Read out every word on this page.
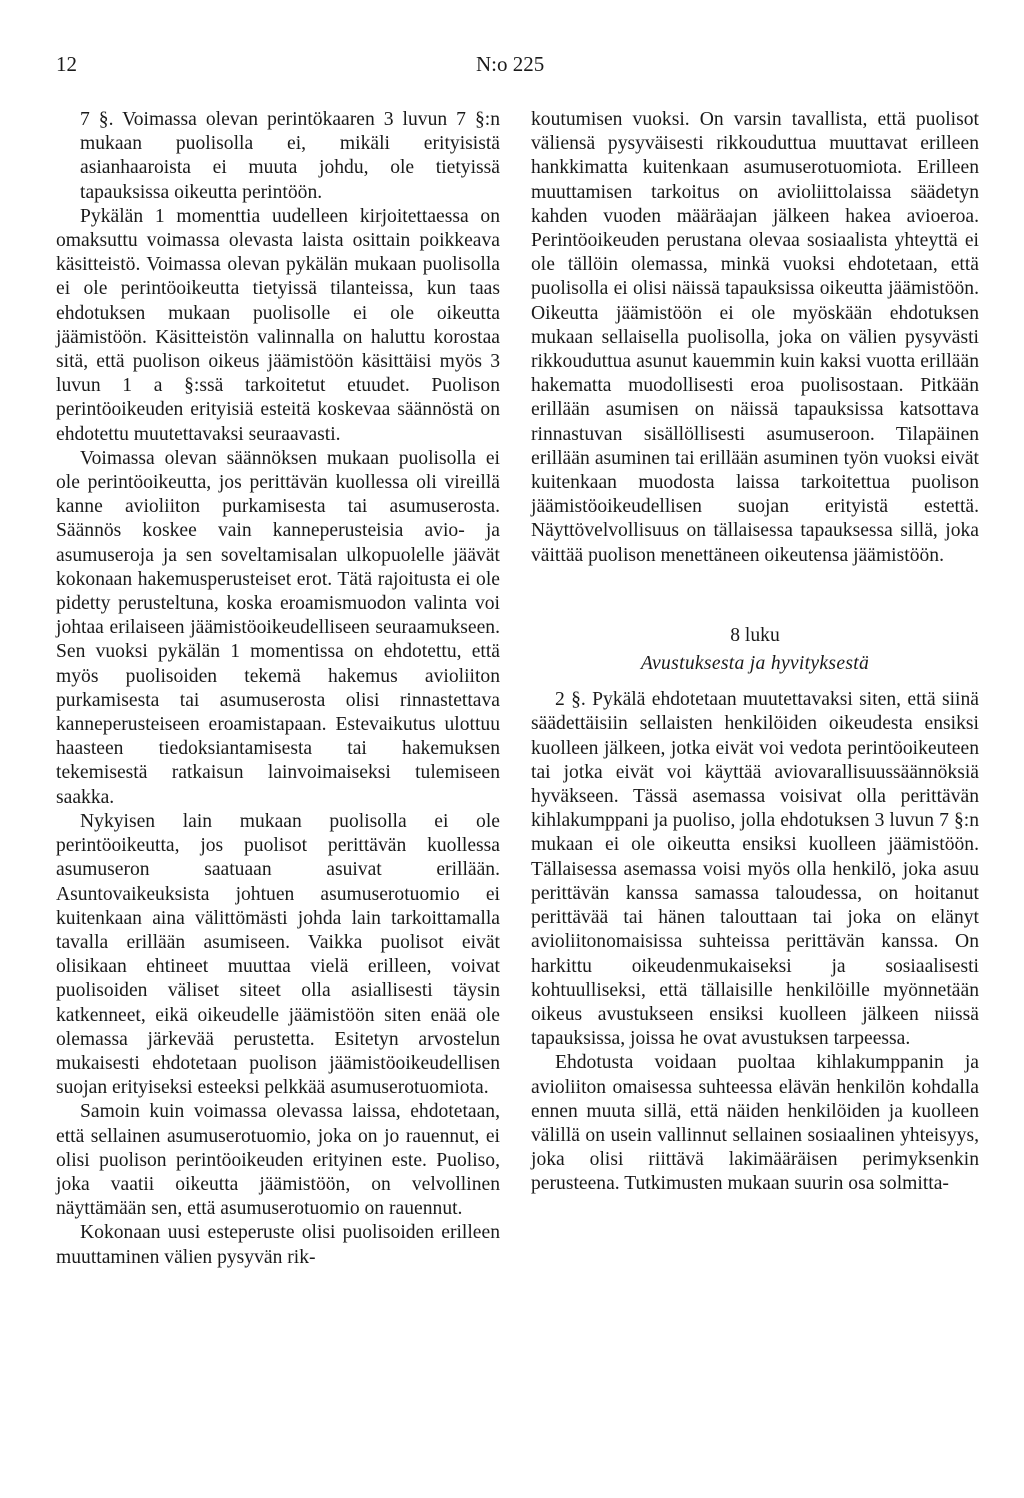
12	N:o 225

7 §. Voimassa olevan perintökaaren 3 luvun 7 §:n mukaan puolisolla ei, mikäli erityisistä asianhaaroista ei muuta johdu, ole tietyissä tapauksissa oikeutta perintöön.

Pykälän 1 momenttia uudelleen kirjoitettaessa on omaksuttu voimassa olevasta laista osittain poikkeava käsitteistö. Voimassa olevan pykälän mukaan puolisolla ei ole perintöoikeutta tietyissä tilanteissa, kun taas ehdotuksen mukaan puolisolle ei ole oikeutta jäämistöön. Käsitteistön valinnalla on haluttu korostaa sitä, että puolison oikeus jäämistöön käsittäisi myös 3 luvun 1 a §:ssä tarkoitetut etuudet. Puolison perintöoikeuden erityisiä esteitä koskevaa säännöstä on ehdotettu muutettavaksi seuraavasti.

Voimassa olevan säännöksen mukaan puolisolla ei ole perintöoikeutta, jos perittävän kuollessa oli vireillä kanne avioliiton purkamisesta tai asumuserosta. Säännös koskee vain kanneperusteisia avio- ja asumuseroja ja sen soveltamisalan ulkopuolelle jäävät kokonaan hakemusperusteiset erot. Tätä rajoitusta ei ole pidetty perusteltuna, koska eroamismuodon valinta voi johtaa erilaiseen jäämistöoikeudelliseen seuraamukseen. Sen vuoksi pykälän 1 momentissa on ehdotettu, että myös puolisoiden tekemä hakemus avioliiton purkamisesta tai asumuserosta olisi rinnastettava kanneperusteiseen eroamistapaan. Estevaikutus ulottuu haasteen tiedoksiantamisesta tai hakemuksen tekemisestä ratkaisun lainvoimaiseksi tulemiseen saakka.

Nykyisen lain mukaan puolisolla ei ole perintöoikeutta, jos puolisot perittävän kuollessa asumuseron saatuaan asuivat erillään. Asuntovaikeuksista johtuen asumuserotuomio ei kuitenkaan aina välittömästi johda lain tarkoittamalla tavalla erillään asumiseen. Vaikka puolisot eivät olisikaan ehtineet muuttaa vielä erilleen, voivat puolisoiden väliset siteet olla asiallisesti täysin katkenneet, eikä oikeudelle jäämistöön siten enää ole olemassa järkevää perustetta. Esitetyn arvostelun mukaisesti ehdotetaan puolison jäämistöoikeudellisen suojan erityiseksi esteeksi pelkkää asumuserotuomiota.

Samoin kuin voimassa olevassa laissa, ehdotetaan, että sellainen asumuserotuomio, joka on jo rauennut, ei olisi puolison perintöoikeuden erityinen este. Puoliso, joka vaatii oikeutta jäämistöön, on velvollinen näyttämään sen, että asumuserotuomio on rauennut.

Kokonaan uusi esteperuste olisi puolisoiden erilleen muuttaminen välien pysyvän rik-

koutumisen vuoksi. On varsin tavallista, että puolisot väliensä pysyväisesti rikkouduttua muuttavat erilleen hankkimatta kuitenkaan asumuserotuomiota. Erilleen muuttamisen tarkoitus on avioliittolaissa säädetyn kahden vuoden määräajan jälkeen hakea avioeroa. Perintöoikeuden perustana olevaa sosiaalista yhteyttä ei ole tällöin olemassa, minkä vuoksi ehdotetaan, että puolisolla ei olisi näissä tapauksissa oikeutta jäämistöön. Oikeutta jäämistöön ei ole myöskään ehdotuksen mukaan sellaisella puolisolla, joka on välien pysyvästi rikkouduttua asunut kauemmin kuin kaksi vuotta erillään hakematta muodollisesti eroa puolisostaan. Pitkään erillään asumisen on näissä tapauksissa katsottava rinnastuvan sisällöllisesti asumuseroon. Tilapäinen erillään asuminen tai erillään asuminen työn vuoksi eivät kuitenkaan muodosta laissa tarkoitettua puolison jäämistöoikeudellisen suojan erityistä estettä. Näyttövelvollisuus on tällaisessa tapauksessa sillä, joka väittää puolison menettäneen oikeutensa jäämistöön.

8 luku
Avustuksesta ja hyvityksestä

2 §. Pykälä ehdotetaan muutettavaksi siten, että siinä säädettäisiin sellaisten henkilöiden oikeudesta ensiksi kuolleen jälkeen, jotka eivät voi vedota perintöoikeuteen tai jotka eivät voi käyttää aviovarallisuussäännöksiä hyväkseen. Tässä asemassa voisivat olla perittävän kihlakumppani ja puoliso, jolla ehdotuksen 3 luvun 7 §:n mukaan ei ole oikeutta ensiksi kuolleen jäämistöön. Tällaisessa asemassa voisi myös olla henkilö, joka asuu perittävän kanssa samassa taloudessa, on hoitanut perittävää tai hänen talouttaan tai joka on elänyt avioliitonomaisissa suhteissa perittävän kanssa. On harkittu oikeudenmukaiseksi ja sosiaalisesti kohtuulliseksi, että tällaisille henkilöille myönnetään oikeus avustukseen ensiksi kuolleen jälkeen niissä tapauksissa, joissa he ovat avustuksen tarpeessa.

Ehdotusta voidaan puoltaa kihlakumppanin ja avioliiton omaisessa suhteessa elävän henkilön kohdalla ennen muuta sillä, että näiden henkilöiden ja kuolleen välillä on usein vallinnut sellainen sosiaalinen yhteisyys, joka olisi riittävä lakimääräisen perimyksenkin perusteena. Tutkimusten mukaan suurin osa solmitta-
